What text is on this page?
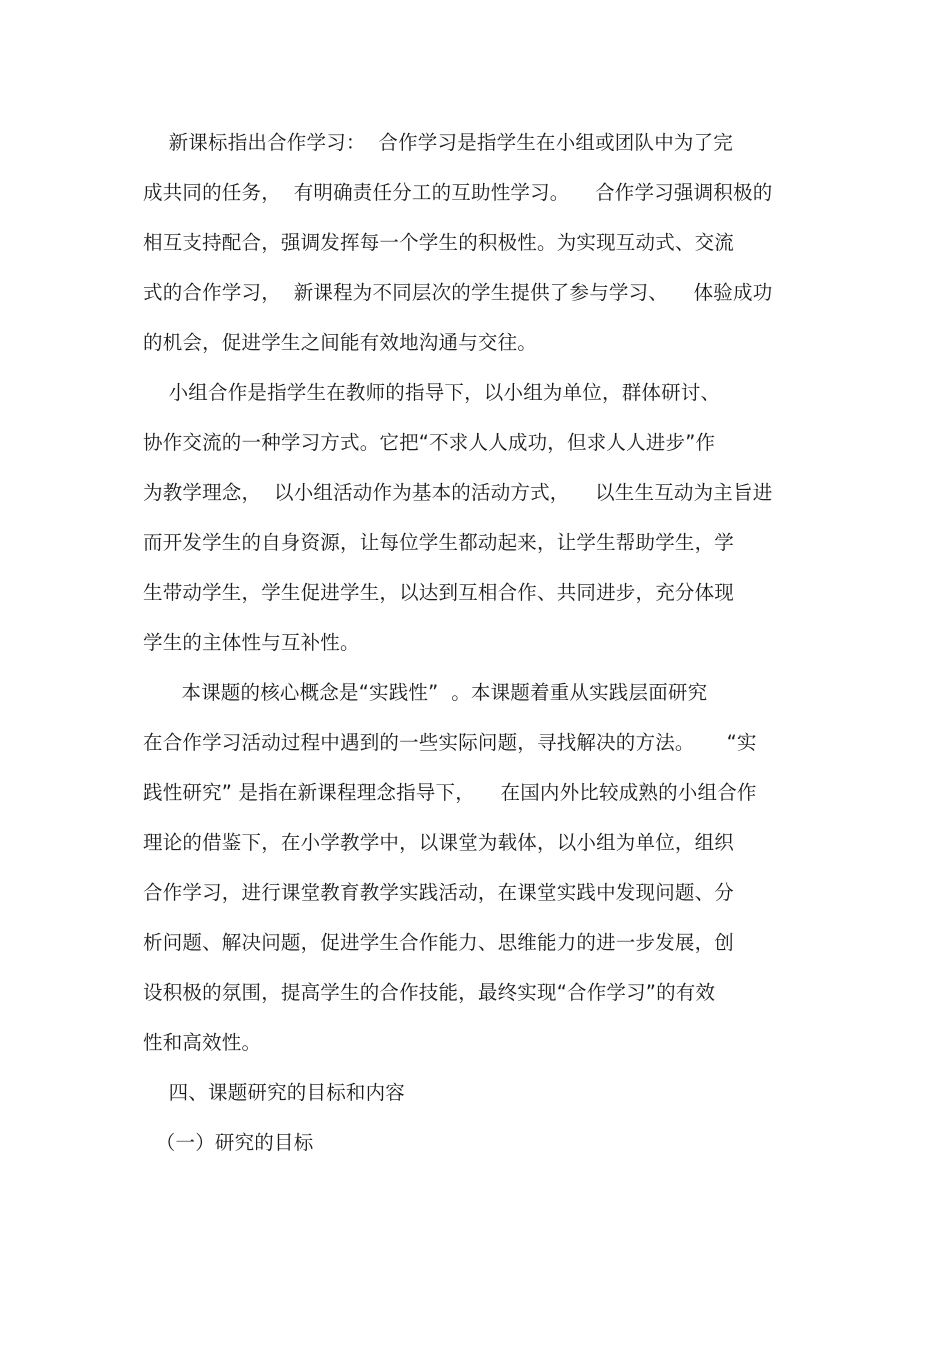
新课标指出合作学习：  合作学习是指学生在小组或团队中为了完
成共同的任务，  有明确责任分工的互助性学习。    合作学习强调积极的
相互支持配合，强调发挥每一个学生的积极性。为实现互动式、交流
式的合作学习，  新课程为不同层次的学生提供了参与学习、    体验成功
的机会，促进学生之间能有效地沟通与交往。
小组合作是指学生在教师的指导下，以小组为单位，群体研讨、
协作交流的一种学习方式。它把“不求人人成功，但求人人进步”作
为教学理念，  以小组活动作为基本的活动方式，    以生生互动为主旨进
而开发学生的自身资源，让每位学生都动起来，让学生帮助学生，学
生带动学生，学生促进学生，以达到互相合作、共同进步，充分体现
学生的主体性与互补性。
本课题的核心概念是“实践性”  。本课题着重从实践层面研究
在合作学习活动过程中遇到的一些实际问题，寻找解决的方法。     “实
践性研究” 是指在新课程理念指导下，    在国内外比较成熟的小组合作
理论的借鉴下，在小学教学中，以课堂为载体，以小组为单位，组织
合作学习，进行课堂教育教学实践活动，在课堂实践中发现问题、分
析问题、解决问题，促进学生合作能力、思维能力的进一步发展，创
设积极的氛围，提高学生的合作技能，最终实现“合作学习”的有效
性和高效性。
四、课题研究的目标和内容
（一）研究的目标
